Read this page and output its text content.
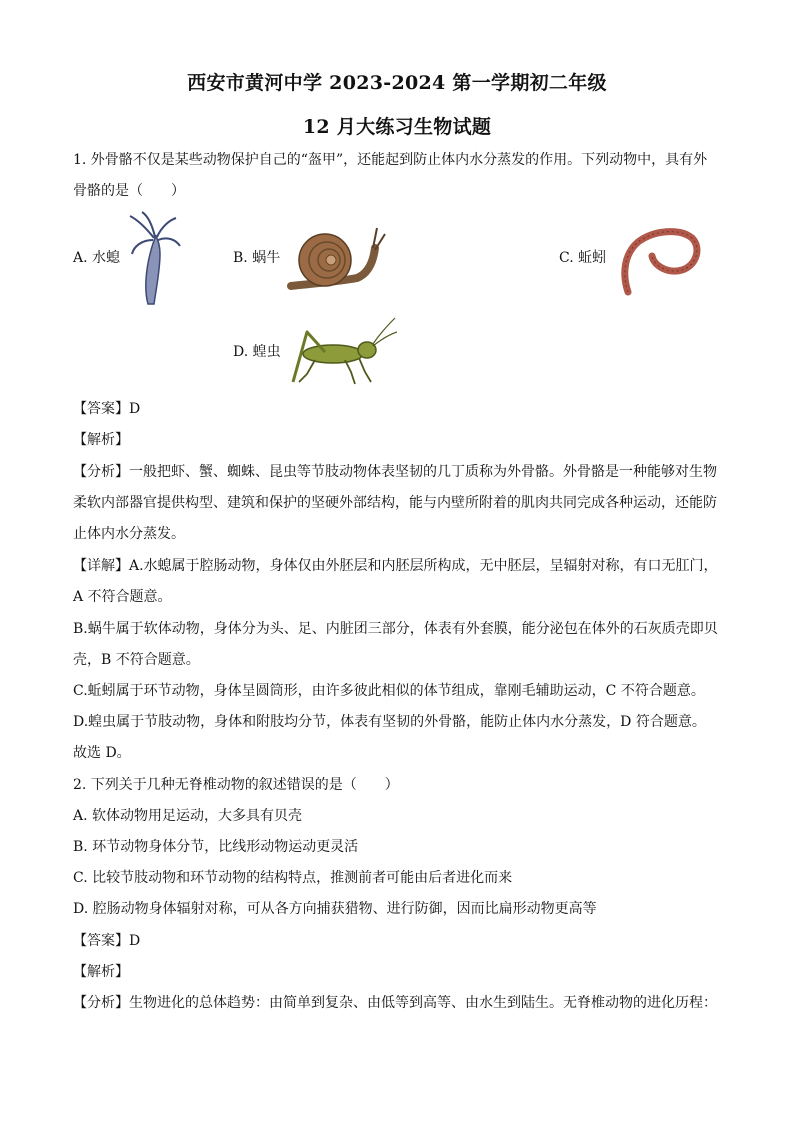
西安市黄河中学 2023-2024 第一学期初二年级
12 月大练习生物试题
1. 外骨骼不仅是某些动物保护自己的“盔甲”，还能起到防止体内水分蒸发的作用。下列动物中，具有外
骨骼的是（　　）
A. 水螅	B. 蜗牛	C. 蚯蚓
D. 蝗虫
【答案】D
【解析】
【分析】一般把虾、蟹、蜘蛛、昆虫等节肢动物体表坚韧的几丁质称为外骨骼。外骨骼是一种能够对生物
柔软内部器官提供构型、建筑和保护的坚硬外部结构，能与内壁所附着的肌肉共同完成各种运动，还能防
止体内水分蒸发。
【详解】A.水螅属于腔肠动物，身体仅由外胚层和内胚层所构成，无中胚层，呈辐射对称，有口无肛门，
A 不符合题意。
B.蜗牛属于软体动物，身体分为头、足、内脏团三部分，体表有外套膜，能分泌包在体外的石灰质壳即贝
壳，B 不符合题意。
C.蚯蚓属于环节动物，身体呈圆筒形，由许多彼此相似的体节组成，靠刚毛辅助运动，C 不符合题意。
D.蝗虫属于节肢动物，身体和附肢均分节，体表有坚韧的外骨骼，能防止体内水分蒸发，D 符合题意。
故选 D。
2. 下列关于几种无脊椎动物的叙述错误的是（　　）
A. 软体动物用足运动，大多具有贝壳
B. 环节动物身体分节，比线形动物运动更灵活
C. 比较节肢动物和环节动物的结构特点，推测前者可能由后者进化而来
D. 腔肠动物身体辐射对称，可从各方向捕获猎物、进行防御，因而比扁形动物更高等
【答案】D
【解析】
【分析】生物进化的总体趋势：由简单到复杂、由低等到高等、由水生到陆生。无脊椎动物的进化历程：
